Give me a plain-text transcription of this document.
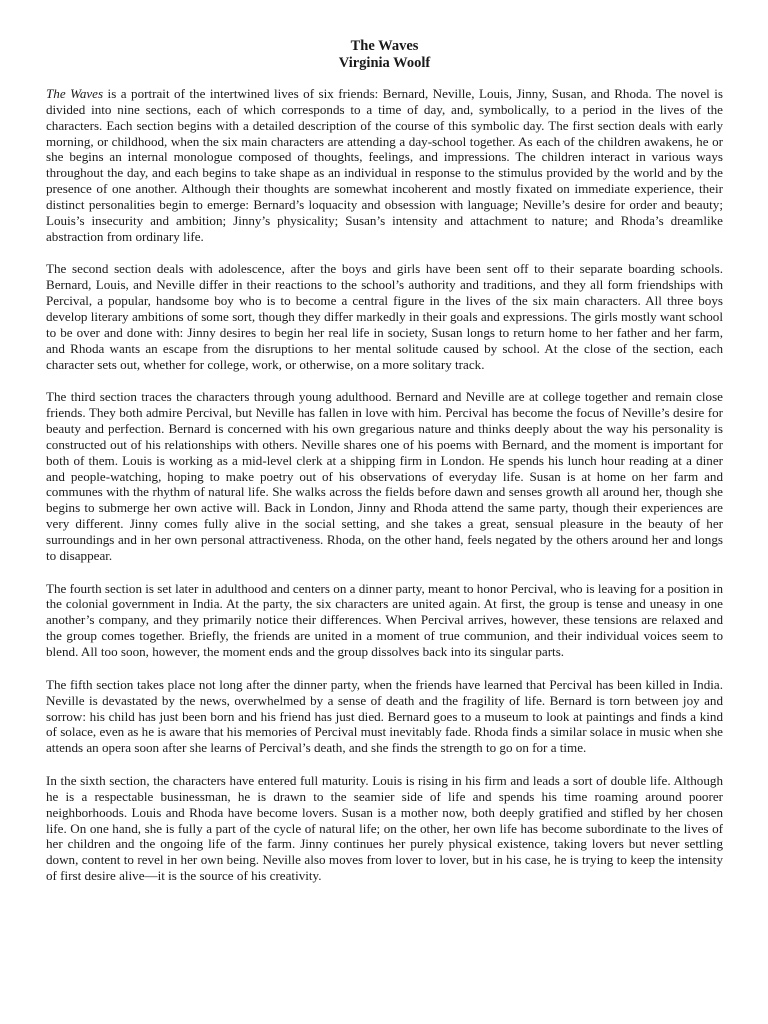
The Waves
Virginia Woolf

The Waves is a portrait of the intertwined lives of six friends: Bernard, Neville, Louis, Jinny, Susan, and Rhoda. The novel is divided into nine sections, each of which corresponds to a time of day, and, symbolically, to a period in the lives of the characters. Each section begins with a detailed description of the course of this symbolic day. The first section deals with early morning, or childhood, when the six main characters are attending a day-school together. As each of the children awakens, he or she begins an internal monologue composed of thoughts, feelings, and impressions. The children interact in various ways throughout the day, and each begins to take shape as an individual in response to the stimulus provided by the world and by the presence of one another. Although their thoughts are somewhat incoherent and mostly fixated on immediate experience, their distinct personalities begin to emerge: Bernard’s loquacity and obsession with language; Neville’s desire for order and beauty; Louis’s insecurity and ambition; Jinny’s physicality; Susan’s intensity and attachment to nature; and Rhoda’s dreamlike abstraction from ordinary life.

The second section deals with adolescence, after the boys and girls have been sent off to their separate boarding schools. Bernard, Louis, and Neville differ in their reactions to the school’s authority and traditions, and they all form friendships with Percival, a popular, handsome boy who is to become a central figure in the lives of the six main characters. All three boys develop literary ambitions of some sort, though they differ markedly in their goals and expressions. The girls mostly want school to be over and done with: Jinny desires to begin her real life in society, Susan longs to return home to her father and her farm, and Rhoda wants an escape from the disruptions to her mental solitude caused by school. At the close of the section, each character sets out, whether for college, work, or otherwise, on a more solitary track.

The third section traces the characters through young adulthood. Bernard and Neville are at college together and remain close friends. They both admire Percival, but Neville has fallen in love with him. Percival has become the focus of Neville’s desire for beauty and perfection. Bernard is concerned with his own gregarious nature and thinks deeply about the way his personality is constructed out of his relationships with others. Neville shares one of his poems with Bernard, and the moment is important for both of them. Louis is working as a mid-level clerk at a shipping firm in London. He spends his lunch hour reading at a diner and people-watching, hoping to make poetry out of his observations of everyday life. Susan is at home on her farm and communes with the rhythm of natural life. She walks across the fields before dawn and senses growth all around her, though she begins to submerge her own active will. Back in London, Jinny and Rhoda attend the same party, though their experiences are very different. Jinny comes fully alive in the social setting, and she takes a great, sensual pleasure in the beauty of her surroundings and in her own personal attractiveness. Rhoda, on the other hand, feels negated by the others around her and longs to disappear.

The fourth section is set later in adulthood and centers on a dinner party, meant to honor Percival, who is leaving for a position in the colonial government in India. At the party, the six characters are united again. At first, the group is tense and uneasy in one another’s company, and they primarily notice their differences. When Percival arrives, however, these tensions are relaxed and the group comes together. Briefly, the friends are united in a moment of true communion, and their individual voices seem to blend. All too soon, however, the moment ends and the group dissolves back into its singular parts.

The fifth section takes place not long after the dinner party, when the friends have learned that Percival has been killed in India. Neville is devastated by the news, overwhelmed by a sense of death and the fragility of life. Bernard is torn between joy and sorrow: his child has just been born and his friend has just died. Bernard goes to a museum to look at paintings and finds a kind of solace, even as he is aware that his memories of Percival must inevitably fade. Rhoda finds a similar solace in music when she attends an opera soon after she learns of Percival’s death, and she finds the strength to go on for a time.

In the sixth section, the characters have entered full maturity. Louis is rising in his firm and leads a sort of double life. Although he is a respectable businessman, he is drawn to the seamier side of life and spends his time roaming around poorer neighborhoods. Louis and Rhoda have become lovers. Susan is a mother now, both deeply gratified and stifled by her chosen life. On one hand, she is fully a part of the cycle of natural life; on the other, her own life has become subordinate to the lives of her children and the ongoing life of the farm. Jinny continues her purely physical existence, taking lovers but never settling down, content to revel in her own being. Neville also moves from lover to lover, but in his case, he is trying to keep the intensity of first desire alive—it is the source of his creativity.
